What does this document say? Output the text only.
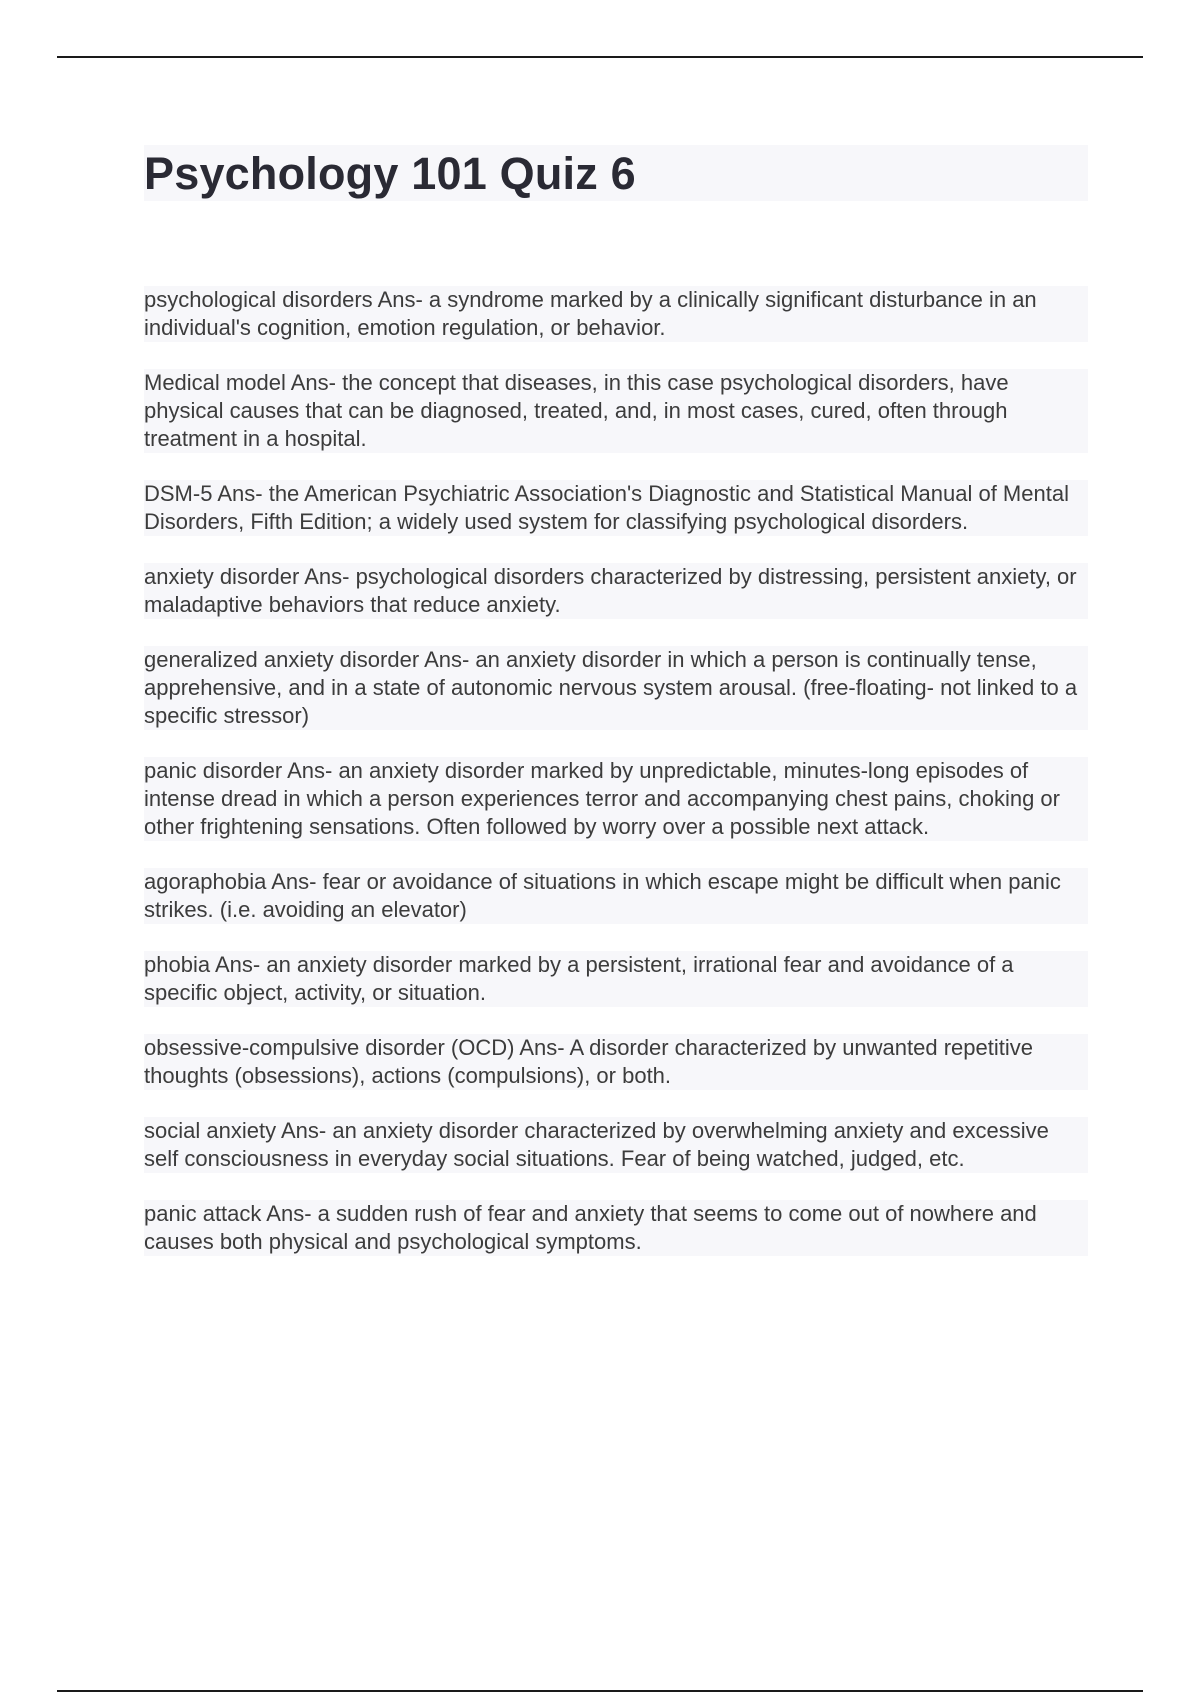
Psychology 101 Quiz 6

psychological disorders Ans- a syndrome marked by a clinically significant disturbance in an individual's cognition, emotion regulation, or behavior.

Medical model Ans- the concept that diseases, in this case psychological disorders, have physical causes that can be diagnosed, treated, and, in most cases, cured, often through treatment in a hospital.

DSM-5 Ans- the American Psychiatric Association's Diagnostic and Statistical Manual of Mental Disorders, Fifth Edition; a widely used system for classifying psychological disorders.

anxiety disorder Ans- psychological disorders characterized by distressing, persistent anxiety, or maladaptive behaviors that reduce anxiety.

generalized anxiety disorder Ans- an anxiety disorder in which a person is continually tense, apprehensive, and in a state of autonomic nervous system arousal. (free-floating- not linked to a specific stressor)

panic disorder Ans- an anxiety disorder marked by unpredictable, minutes-long episodes of intense dread in which a person experiences terror and accompanying chest pains, choking or other frightening sensations. Often followed by worry over a possible next attack.

agoraphobia Ans- fear or avoidance of situations in which escape might be difficult when panic strikes. (i.e. avoiding an elevator)

phobia Ans- an anxiety disorder marked by a persistent, irrational fear and avoidance of a specific object, activity, or situation.

obsessive-compulsive disorder (OCD) Ans- A disorder characterized by unwanted repetitive thoughts (obsessions), actions (compulsions), or both.

social anxiety Ans- an anxiety disorder characterized by overwhelming anxiety and excessive self consciousness in everyday social situations. Fear of being watched, judged, etc.

panic attack Ans- a sudden rush of fear and anxiety that seems to come out of nowhere and causes both physical and psychological symptoms.
